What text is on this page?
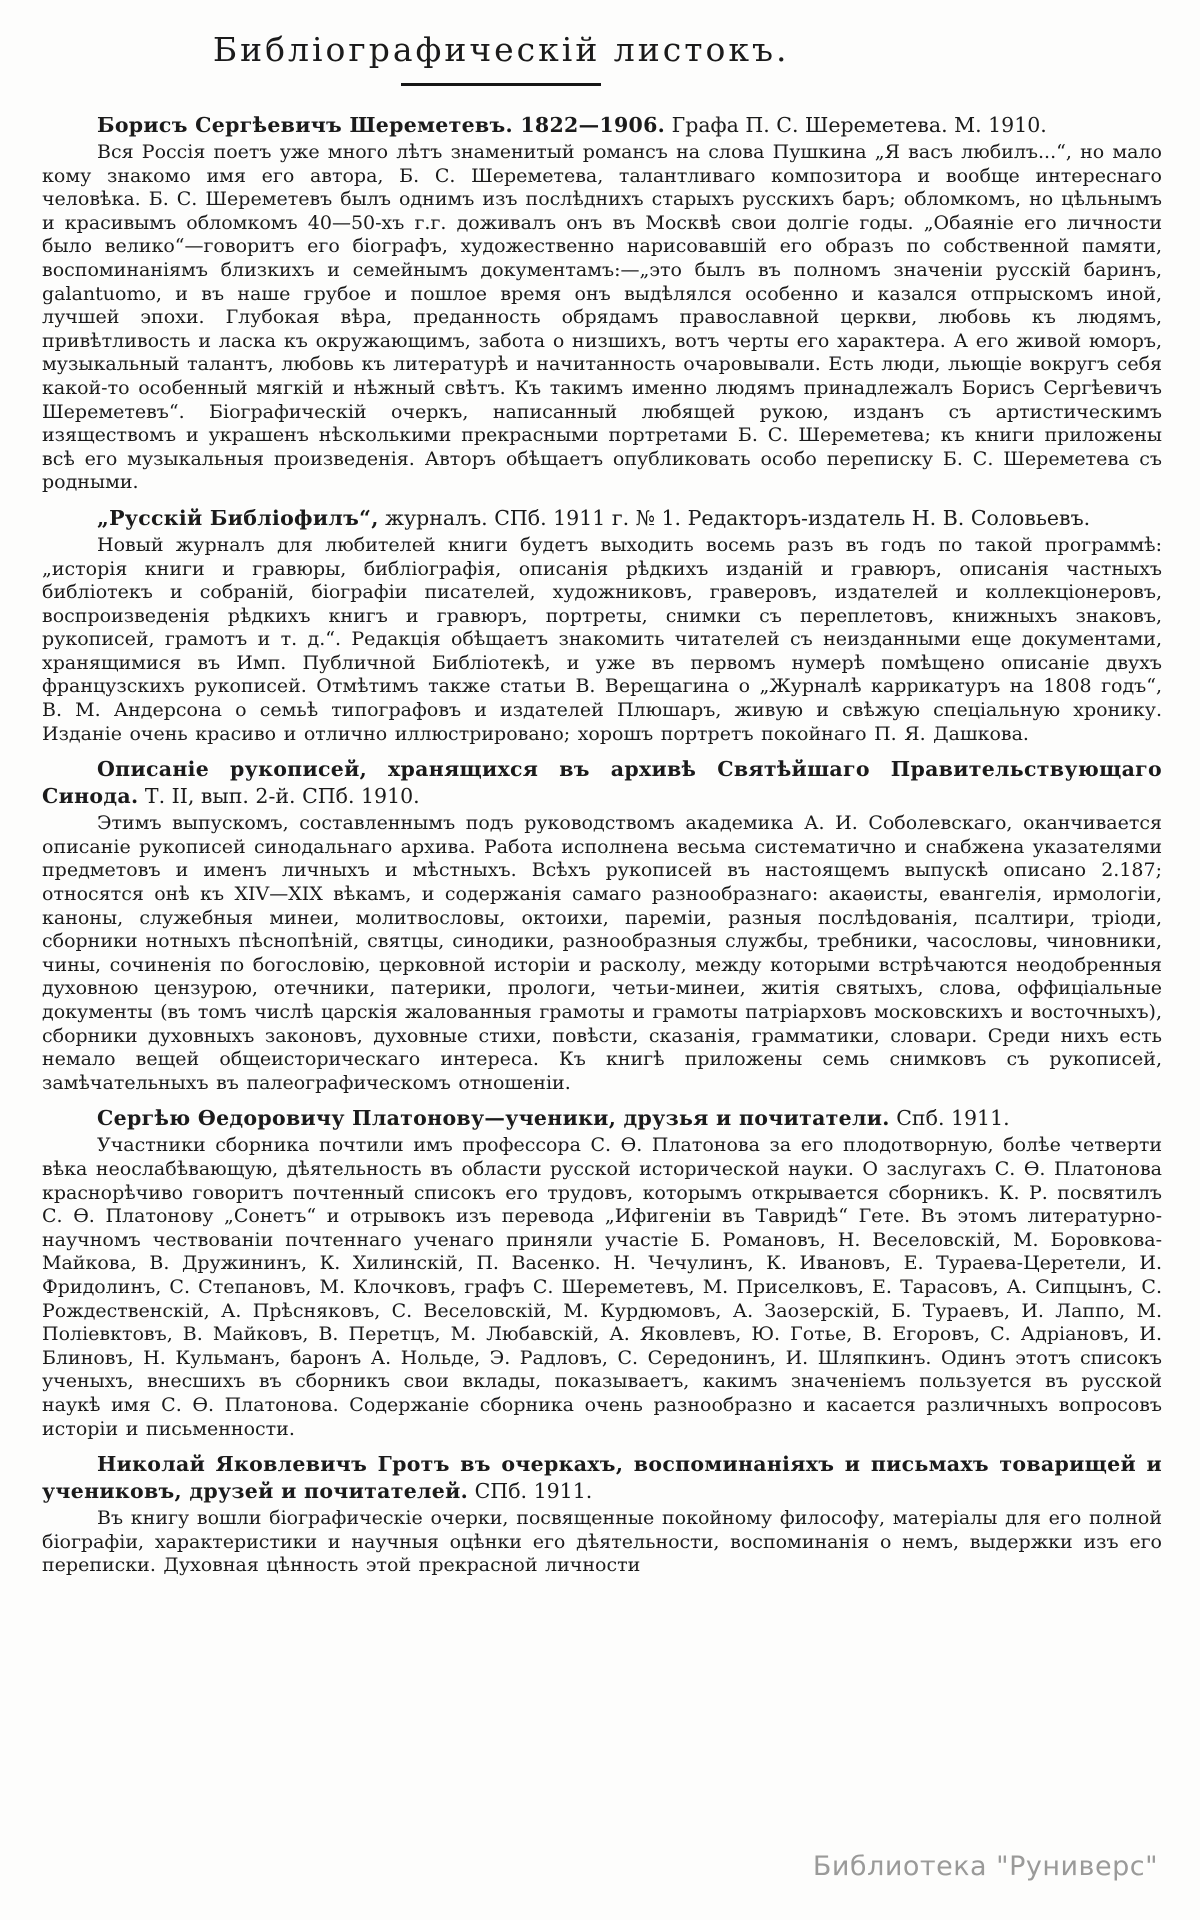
Библіографическій листокъ.

Борисъ Сергѣевичъ Шереметевъ. 1822—1906. Графа П. С. Шереметева. М. 1910.

Вся Россія поетъ уже много лѣтъ знаменитый романсъ на слова Пушкина „Я васъ любилъ...“, но мало кому знакомо имя его автора, Б. С. Шереметева, талантливаго композитора и вообще интереснаго человѣка. Б. С. Шереметевъ былъ однимъ изъ послѣднихъ старыхъ русскихъ баръ; обломкомъ, но цѣльнымъ и красивымъ обломкомъ 40—50-хъ г.г. доживалъ онъ въ Москвѣ свои долгіе годы. „Обаяніе его личности было велико“—говоритъ его біографъ, художественно нарисовавшій его образъ по собственной памяти, воспоминаніямъ близкихъ и семейнымъ документамъ:—„это былъ въ полномъ значеніи русскій баринъ, galantuomo, и въ наше грубое и пошлое время онъ выдѣлялся особенно и казался отпрыскомъ иной, лучшей эпохи. Глубокая вѣра, преданность обрядамъ православной церкви, любовь къ людямъ, привѣтливость и ласка къ окружающимъ, забота о низшихъ, вотъ черты его характера. А его живой юморъ, музыкальный талантъ, любовь къ литературѣ и начитанность очаровывали. Есть люди, льющіе вокругъ себя какой-то особенный мягкій и нѣжный свѣтъ. Къ такимъ именно людямъ принадлежалъ Борисъ Сергѣевичъ Шереметевъ“. Біографическій очеркъ, написанный любящей рукою, изданъ съ артистическимъ изяществомъ и украшенъ нѣсколькими прекрасными портретами Б. С. Шереметева; къ книги приложены всѣ его музыкальныя произведенія. Авторъ обѣщаетъ опубликовать особо переписку Б. С. Шереметева съ родными.

„Русскій Библіофилъ“, журналъ. СПб. 1911 г. № 1. Редакторъ-издатель Н. В. Соловьевъ.

Новый журналъ для любителей книги будетъ выходить восемь разъ въ годъ по такой программѣ: „исторія книги и гравюры, библіографія, описанія рѣдкихъ изданій и гравюръ, описанія частныхъ библіотекъ и собраній, біографіи писателей, художниковъ, граверовъ, издателей и коллекціонеровъ, воспроизведенія рѣдкихъ книгъ и гравюръ, портреты, снимки съ переплетовъ, книжныхъ знаковъ, рукописей, грамотъ и т. д.“. Редакція обѣщаетъ знакомить читателей съ неизданными еще документами, хранящимися въ Имп. Публичной Библіотекѣ, и уже въ первомъ нумерѣ помѣщено описаніе двухъ французскихъ рукописей. Отмѣтимъ также статьи В. Верещагина о „Журналѣ каррикатуръ на 1808 годъ“, В. М. Андерсона о семьѣ типографовъ и издателей Плюшаръ, живую и свѣжую спеціальную хронику. Изданіе очень красиво и отлично иллюстрировано; хорошъ портретъ покойнаго П. Я. Дашкова.

Описаніе рукописей, хранящихся въ архивѣ Святѣйшаго Правительствующаго Синода. Т. ІІ, вып. 2-й. СПб. 1910.

Этимъ выпускомъ, составленнымъ подъ руководствомъ академика А. И. Соболевскаго, оканчивается описаніе рукописей синодальнаго архива. Работа исполнена весьма систематично и снабжена указателями предметовъ и именъ личныхъ и мѣстныхъ. Всѣхъ рукописей въ настоящемъ выпускѣ описано 2.187; относятся онѣ къ XIV—XIX вѣкамъ, и содержанія самаго разнообразнаго: акаѳисты, евангелія, ирмологіи, каноны, служебныя минеи, молитвословы, октоихи, пареміи, разныя послѣдованія, псалтири, тріоди, сборники нотныхъ пѣснопѣній, святцы, синодики, разнообразныя службы, требники, часословы, чиновники, чины, сочиненія по богословію, церковной исторіи и расколу, между которыми встрѣчаются неодобренныя духовною цензурою, отечники, патерики, прологи, четьи-минеи, житія святыхъ, слова, оффиціальные документы (въ томъ числѣ царскія жалованныя грамоты и грамоты патріарховъ московскихъ и восточныхъ), сборники духовныхъ законовъ, духовные стихи, повѣсти, сказанія, грамматики, словари. Среди нихъ есть немало вещей общеисторическаго интереса. Къ книгѣ приложены семь снимковъ съ рукописей, замѣчательныхъ въ палеографическомъ отношеніи.

Сергѣю Ѳедоровичу Платонову—ученики, друзья и почитатели. Спб. 1911.

Участники сборника почтили имъ профессора С. Ѳ. Платонова за его плодотворную, болѣе четверти вѣка неослабѣвающую, дѣятельность въ области русской исторической науки. О заслугахъ С. Ѳ. Платонова краснорѣчиво говоритъ почтенный списокъ его трудовъ, которымъ открывается сборникъ. К. Р. посвятилъ С. Ѳ. Платонову „Сонетъ“ и отрывокъ изъ перевода „Ифигеніи въ Тавридѣ“ Гете. Въ этомъ литературно-научномъ чествованіи почтеннаго ученаго приняли участіе Б. Романовъ, Н. Веселовскій, М. Боровкова-Майкова, В. Дружининъ, К. Хилинскій, П. Васенко. Н. Чечулинъ, К. Ивановъ, Е. Тураева-Церетели, И. Фридолинъ, С. Степановъ, М. Клочковъ, графъ С. Шереметевъ, М. Приселковъ, Е. Тарасовъ, А. Сипцынъ, С. Рождественскій, А. Прѣсняковъ, С. Веселовскій, М. Курдюмовъ, А. Заозерскій, Б. Тураевъ, И. Лаппо, М. Поліевктовъ, В. Майковъ, В. Перетцъ, М. Любавскій, А. Яковлевъ, Ю. Готье, В. Егоровъ, С. Адріановъ, И. Блиновъ, Н. Кульманъ, баронъ А. Нольде, Э. Радловъ, С. Середонинъ, И. Шляпкинъ. Одинъ этотъ списокъ ученыхъ, внесшихъ въ сборникъ свои вклады, показываетъ, какимъ значеніемъ пользуется въ русской наукѣ имя С. Ѳ. Платонова. Содержаніе сборника очень разнообразно и касается различныхъ вопросовъ исторіи и письменности.

Николай Яковлевичъ Гротъ въ очеркахъ, воспоминаніяхъ и письмахъ товарищей и учениковъ, друзей и почитателей. СПб. 1911.

Въ книгу вошли біографическіе очерки, посвященные покойному философу, матеріалы для его полной біографіи, характеристики и научныя оцѣнки его дѣятельности, воспоминанія о немъ, выдержки изъ его переписки. Духовная цѣнность этой прекрасной личности

Библиотека "Руниверс"
